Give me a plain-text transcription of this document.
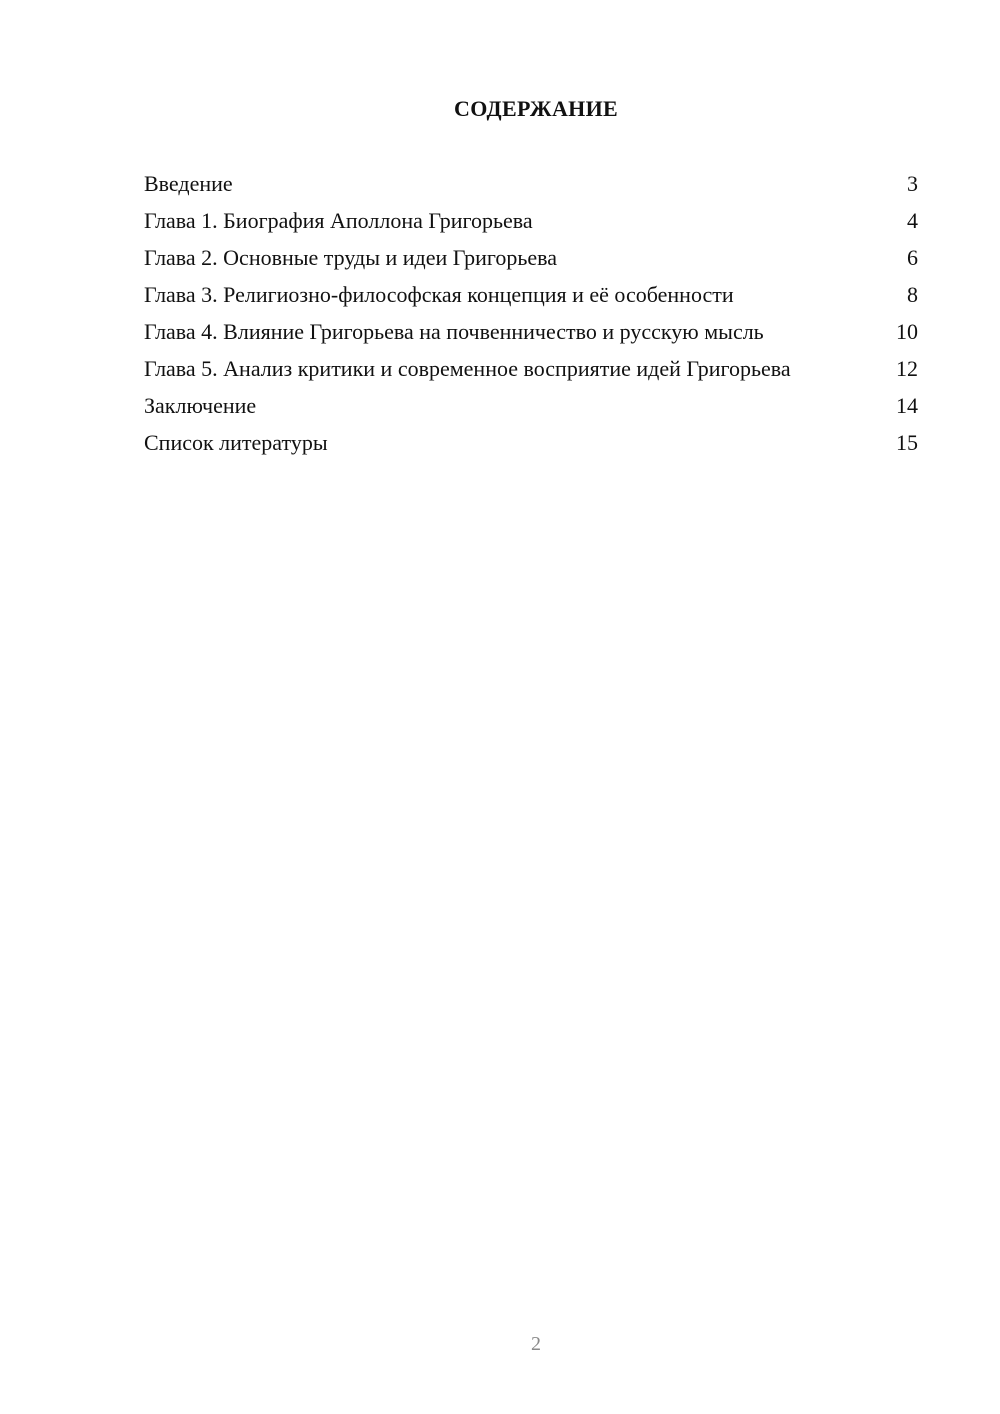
СОДЕРЖАНИЕ
Введение	3
Глава 1. Биография Аполлона Григорьева	4
Глава 2. Основные труды и идеи Григорьева	6
Глава 3. Религиозно-философская концепция и её особенности	8
Глава 4. Влияние Григорьева на почвенничество и русскую мысль	10
Глава 5. Анализ критики и современное восприятие идей Григорьева	12
Заключение	14
Список литературы	15
2
